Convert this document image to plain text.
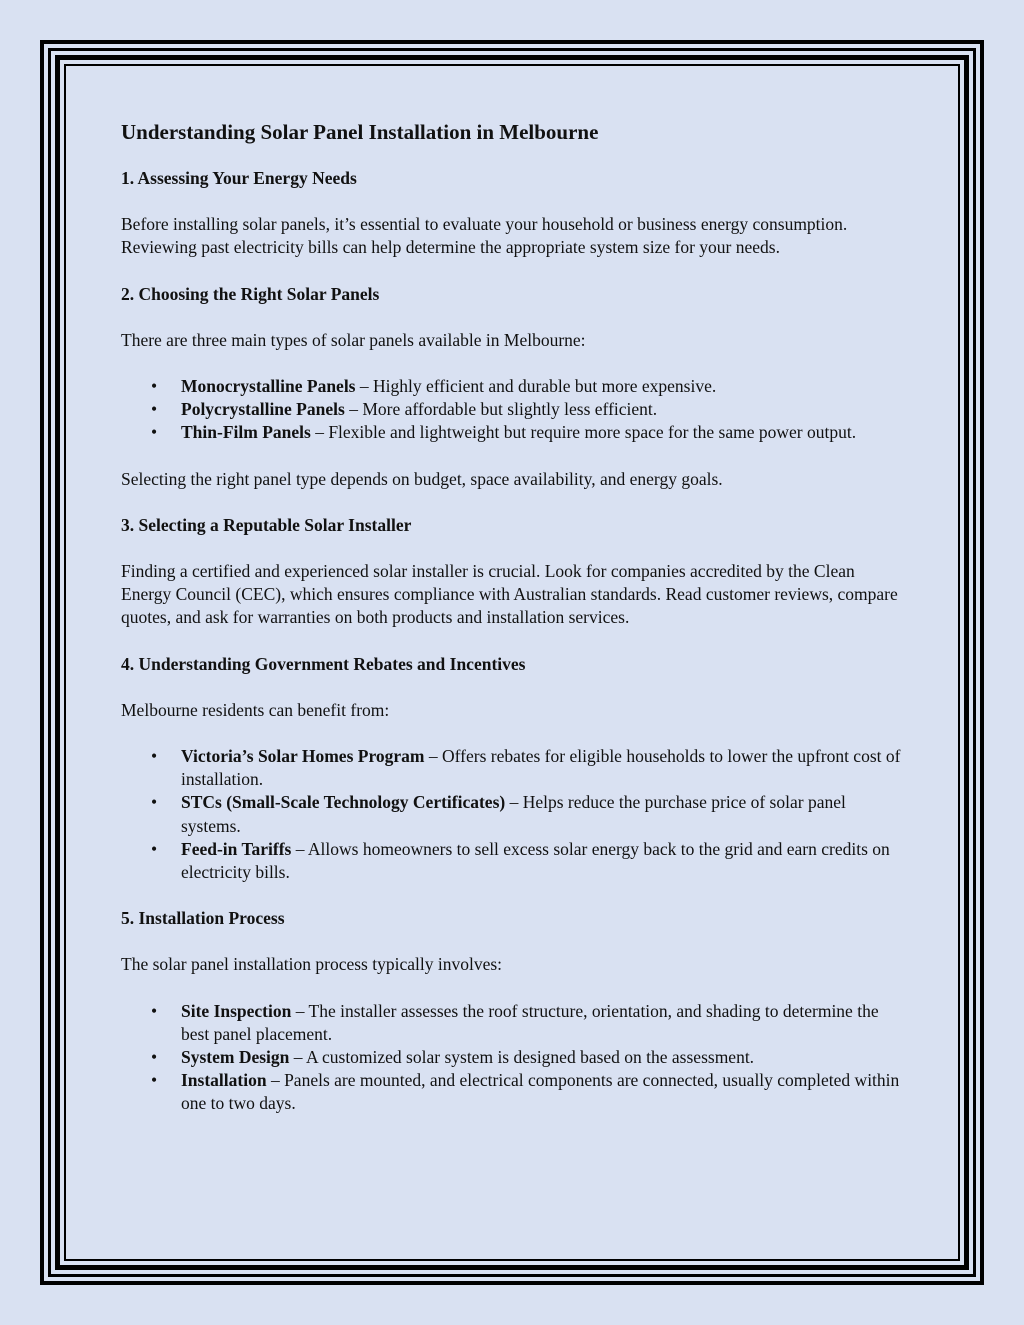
Understanding Solar Panel Installation in Melbourne
1. Assessing Your Energy Needs

Before installing solar panels, it’s essential to evaluate your household or business energy consumption. Reviewing past electricity bills can help determine the appropriate system size for your needs.

2. Choosing the Right Solar Panels

There are three main types of solar panels available in Melbourne:

• Monocrystalline Panels – Highly efficient and durable but more expensive.
• Polycrystalline Panels – More affordable but slightly less efficient.
• Thin-Film Panels – Flexible and lightweight but require more space for the same power output.

Selecting the right panel type depends on budget, space availability, and energy goals.

3. Selecting a Reputable Solar Installer

Finding a certified and experienced solar installer is crucial. Look for companies accredited by the Clean Energy Council (CEC), which ensures compliance with Australian standards. Read customer reviews, compare quotes, and ask for warranties on both products and installation services.

4. Understanding Government Rebates and Incentives

Melbourne residents can benefit from:

• Victoria’s Solar Homes Program – Offers rebates for eligible households to lower the upfront cost of installation.
• STCs (Small-Scale Technology Certificates) – Helps reduce the purchase price of solar panel systems.
• Feed-in Tariffs – Allows homeowners to sell excess solar energy back to the grid and earn credits on electricity bills.
5. Installation Process

The solar panel installation process typically involves:

• Site Inspection – The installer assesses the roof structure, orientation, and shading to determine the best panel placement.
• System Design – A customized solar system is designed based on the assessment.
• Installation – Panels are mounted, and electrical components are connected, usually completed within one to two days.
